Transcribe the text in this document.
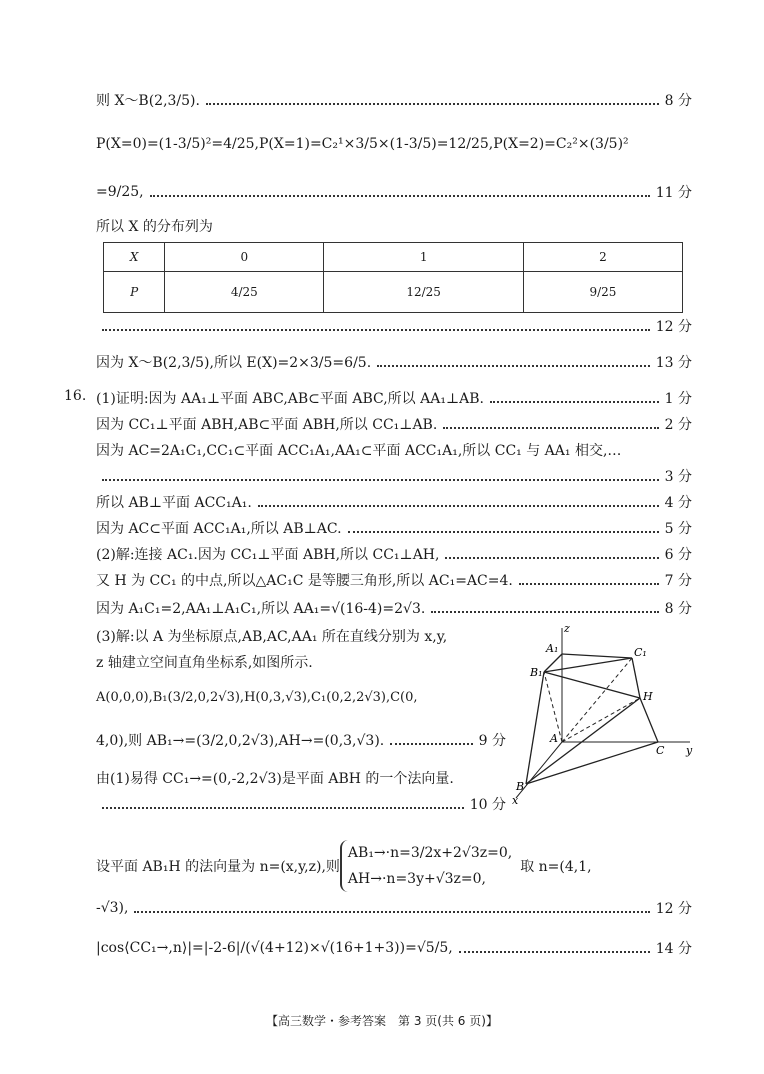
则 X～B(2,3/5).	8 分
P(X=0)=(1-3/5)²=4/25,P(X=1)=C₂¹×3/5×(1-3/5)=12/25,P(X=2)=C₂²×(3/5)²
=9/25,	11 分
所以 X 的分布列为
X	0	1	2
P	4/25	12/25	9/25
12 分
因为 X～B(2,3/5),所以 E(X)=2×3/5=6/5.	13 分
16. (1)证明:因为 AA₁⊥平面 ABC,AB⊂平面 ABC,所以 AA₁⊥AB.	1 分
因为 CC₁⊥平面 ABH,AB⊂平面 ABH,所以 CC₁⊥AB.	2 分
因为 AC=2A₁C₁,CC₁⊂平面 ACC₁A₁,AA₁⊂平面 ACC₁A₁,所以 CC₁ 与 AA₁ 相交,…
3 分
所以 AB⊥平面 ACC₁A₁.	4 分
因为 AC⊂平面 ACC₁A₁,所以 AB⊥AC.	5 分
(2)解:连接 AC₁.因为 CC₁⊥平面 ABH,所以 CC₁⊥AH,	6 分
又 H 为 CC₁ 的中点,所以△AC₁C 是等腰三角形,所以 AC₁=AC=4.	7 分
因为 A₁C₁=2,AA₁⊥A₁C₁,所以 AA₁=√(16-4)=2√3.	8 分
(3)解:以 A 为坐标原点,AB,AC,AA₁ 所在直线分别为 x,y,
z 轴建立空间直角坐标系,如图所示.
A(0,0,0),B₁(3/2,0,2√3),H(0,3,√3),C₁(0,2,2√3),C(0,
4,0),则 AB₁→=(3/2,0,2√3),AH→=(0,3,√3).	9 分
由(1)易得 CC₁→=(0,-2,2√3)是平面 ABH 的一个法向量.
10 分
设平面 AB₁H 的法向量为 n=(x,y,z),则
AB₁→·n=3/2x+2√3z=0,
AH→·n=3y+√3z=0,
取 n=(4,1,
-√3),	12 分
|cos⟨CC₁→,n⟩|=|-2-6|/(√(4+12)×√(16+1+3))=√5/5,	14 分
z
A₁	C₁
B₁
H
A
C y
B
x
【高三数学・参考答案　第 3 页(共 6 页)】
